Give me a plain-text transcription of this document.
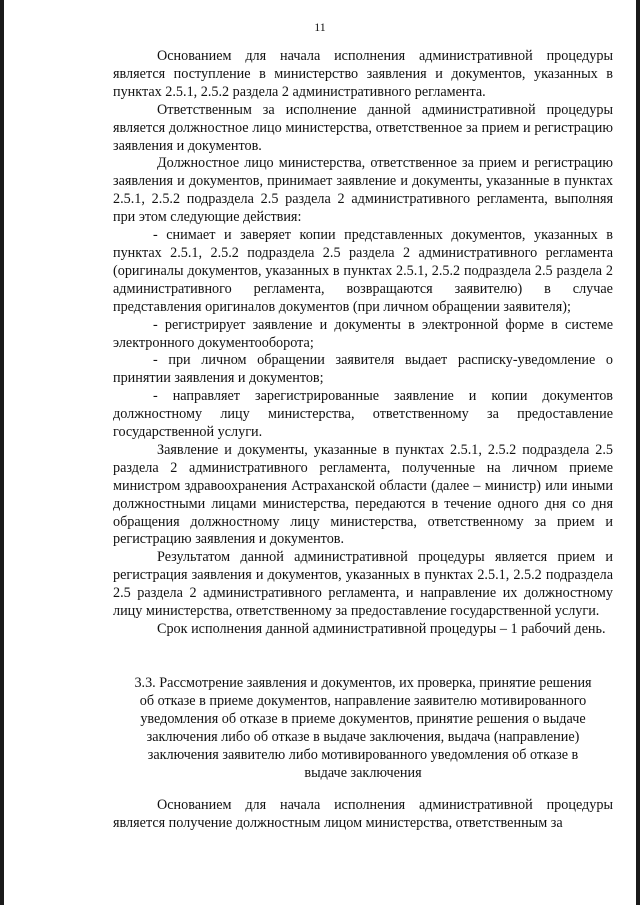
11

Основанием для начала исполнения административной процедуры является поступление в министерство заявления и документов, указанных в пунктах 2.5.1, 2.5.2 раздела 2 административного регламента.

Ответственным за исполнение данной административной процедуры является должностное лицо министерства, ответственное за прием и регистрацию заявления и документов.

Должностное лицо министерства, ответственное за прием и регистрацию заявления и документов, принимает заявление и документы, указанные в пунктах 2.5.1, 2.5.2 подраздела 2.5 раздела 2 административного регламента, выполняя при этом следующие действия:

- снимает и заверяет копии представленных документов, указанных в пунктах 2.5.1, 2.5.2 подраздела 2.5 раздела 2 административного регламента (оригиналы документов, указанных в пунктах 2.5.1, 2.5.2 подраздела 2.5 раздела 2 административного регламента, возвращаются заявителю) в случае представления оригиналов документов (при личном обращении заявителя);

- регистрирует заявление и документы в электронной форме в системе электронного документооборота;

- при личном обращении заявителя выдает расписку-уведомление о принятии заявления и документов;

- направляет зарегистрированные заявление и копии документов должностному лицу министерства, ответственному за предоставление государственной услуги.

Заявление и документы, указанные в пунктах 2.5.1, 2.5.2 подраздела 2.5 раздела 2 административного регламента, полученные на личном приеме министром здравоохранения Астраханской области (далее – министр) или иными должностными лицами министерства, передаются в течение одного дня со дня обращения должностному лицу министерства, ответственному за прием и регистрацию заявления и документов.

Результатом данной административной процедуры является прием и регистрация заявления и документов, указанных в пунктах 2.5.1, 2.5.2 подраздела 2.5 раздела 2 административного регламента, и направление их должностному лицу министерства, ответственному за предоставление государственной услуги.

Срок исполнения данной административной процедуры – 1 рабочий день.

3.3. Рассмотрение заявления и документов, их проверка, принятие решения

об отказе в приеме документов, направление заявителю мотивированного

уведомления об отказе в приеме документов, принятие решения о выдаче

заключения либо об отказе в выдаче заключения, выдача (направление)

заключения заявителю либо мотивированного уведомления об отказе в

выдаче заключения

Основанием для начала исполнения административной процедуры является получение должностным лицом министерства, ответственным за
